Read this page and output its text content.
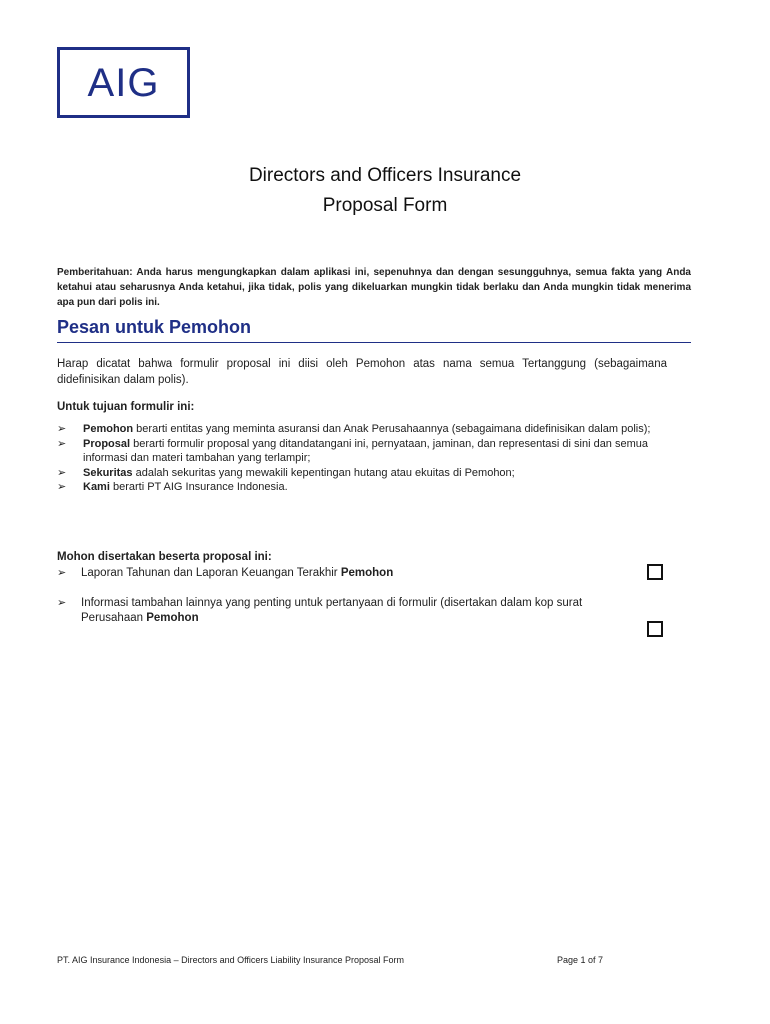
AIG
Directors and Officers Insurance
Proposal Form
Pemberitahuan: Anda harus mengungkapkan dalam aplikasi ini, sepenuhnya dan dengan sesungguhnya, semua fakta yang Anda ketahui atau seharusnya Anda ketahui, jika tidak, polis yang dikeluarkan mungkin tidak berlaku dan Anda mungkin tidak menerima apa pun dari polis ini.
Pesan untuk Pemohon
Harap dicatat bahwa formulir proposal ini diisi oleh Pemohon atas nama semua Tertanggung (sebagaimana didefinisikan dalam polis).
Untuk tujuan formulir ini:
➢ Pemohon berarti entitas yang meminta asuransi dan Anak Perusahaannya (sebagaimana didefinisikan dalam polis);
➢ Proposal berarti formulir proposal yang ditandatangani ini, pernyataan, jaminan, dan representasi di sini dan semua informasi dan materi tambahan yang terlampir;
➢ Sekuritas adalah sekuritas yang mewakili kepentingan hutang atau ekuitas di Pemohon;
➢ Kami berarti PT AIG Insurance Indonesia.
Mohon disertakan beserta proposal ini:
➢ Laporan Tahunan dan Laporan Keuangan Terakhir Pemohon
➢ Informasi tambahan lainnya yang penting untuk pertanyaan di formulir (disertakan dalam kop surat Perusahaan Pemohon
PT. AIG Insurance Indonesia – Directors and Officers Liability Insurance Proposal Form	Page 1 of 7
